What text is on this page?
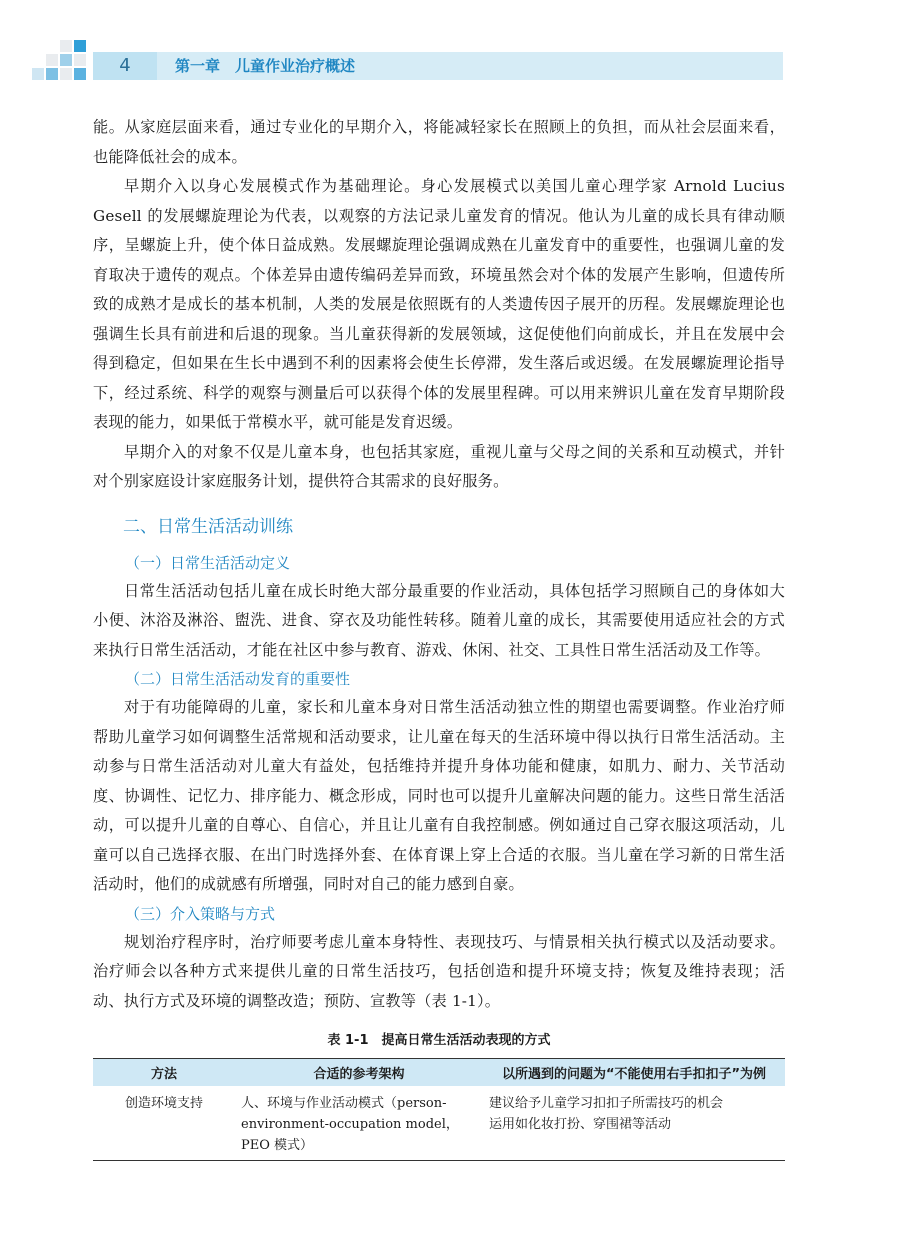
4	第一章　儿童作业治疗概述

能。从家庭层面来看，通过专业化的早期介入，将能减轻家长在照顾上的负担，而从社会层面来看，也能降低社会的成本。

早期介入以身心发展模式作为基础理论。身心发展模式以美国儿童心理学家 Arnold Lucius Gesell 的发展螺旋理论为代表，以观察的方法记录儿童发育的情况。他认为儿童的成长具有律动顺序，呈螺旋上升，使个体日益成熟。发展螺旋理论强调成熟在儿童发育中的重要性，也强调儿童的发育取决于遗传的观点。个体差异由遗传编码差异而致，环境虽然会对个体的发展产生影响，但遗传所致的成熟才是成长的基本机制，人类的发展是依照既有的人类遗传因子展开的历程。发展螺旋理论也强调生长具有前进和后退的现象。当儿童获得新的发展领域，这促使他们向前成长，并且在发展中会得到稳定，但如果在生长中遇到不利的因素将会使生长停滞，发生落后或迟缓。在发展螺旋理论指导下，经过系统、科学的观察与测量后可以获得个体的发展里程碑。可以用来辨识儿童在发育早期阶段表现的能力，如果低于常模水平，就可能是发育迟缓。

早期介入的对象不仅是儿童本身，也包括其家庭，重视儿童与父母之间的关系和互动模式，并针对个别家庭设计家庭服务计划，提供符合其需求的良好服务。

二、日常生活活动训练
（一）日常生活活动定义

日常生活活动包括儿童在成长时绝大部分最重要的作业活动，具体包括学习照顾自己的身体如大小便、沐浴及淋浴、盥洗、进食、穿衣及功能性转移。随着儿童的成长，其需要使用适应社会的方式来执行日常生活活动，才能在社区中参与教育、游戏、休闲、社交、工具性日常生活活动及工作等。

（二）日常生活活动发育的重要性

对于有功能障碍的儿童，家长和儿童本身对日常生活活动独立性的期望也需要调整。作业治疗师帮助儿童学习如何调整生活常规和活动要求，让儿童在每天的生活环境中得以执行日常生活活动。主动参与日常生活活动对儿童大有益处，包括维持并提升身体功能和健康，如肌力、耐力、关节活动度、协调性、记忆力、排序能力、概念形成，同时也可以提升儿童解决问题的能力。这些日常生活活动，可以提升儿童的自尊心、自信心，并且让儿童有自我控制感。例如通过自己穿衣服这项活动，儿童可以自己选择衣服、在出门时选择外套、在体育课上穿上合适的衣服。当儿童在学习新的日常生活活动时，他们的成就感有所增强，同时对自己的能力感到自豪。

（三）介入策略与方式

规划治疗程序时，治疗师要考虑儿童本身特性、表现技巧、与情景相关执行模式以及活动要求。治疗师会以各种方式来提供儿童的日常生活技巧，包括创造和提升环境支持；恢复及维持表现；活动、执行方式及环境的调整改造；预防、宣教等（表 1-1）。

表 1-1　提高日常生活活动表现的方式
方法	合适的参考架构	以所遇到的问题为“不能使用右手扣扣子”为例
创造环境支持	人、环境与作业活动模式（person-environment-occupation model，PEO 模式）	建议给予儿童学习扣扣子所需技巧的机会
运用如化妆打扮、穿围裙等活动
